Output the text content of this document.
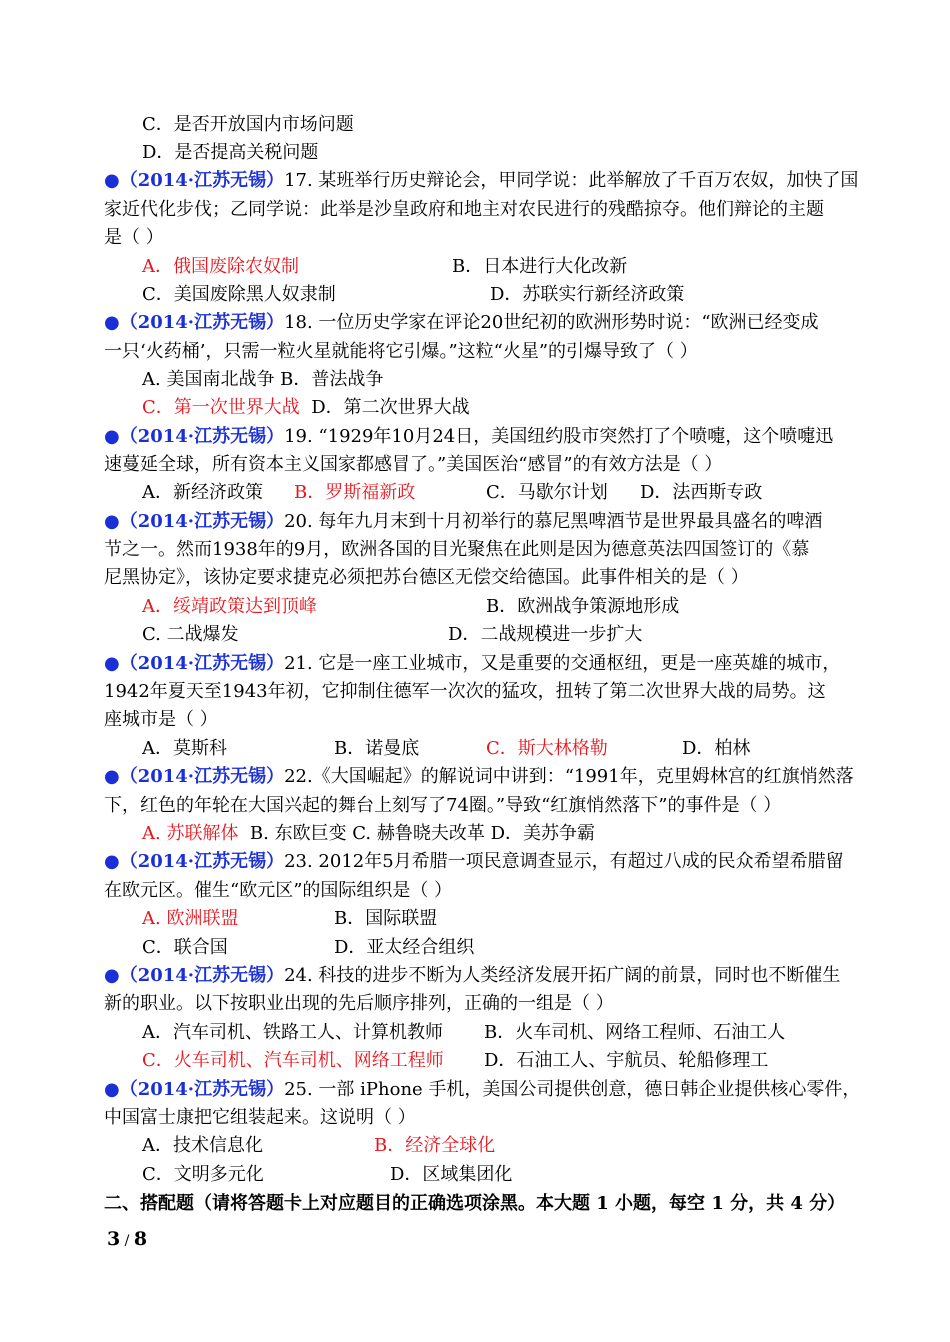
C．是否开放国内市场问题
D．是否提高关税问题
●（2014·江苏无锡）17. 某班举行历史辩论会，甲同学说：此举解放了千百万农奴，加快了国
家近代化步伐；乙同学说：此举是沙皇政府和地主对农民进行的残酷掠夺。他们辩论的主题
是（ ）
A．俄国废除农奴制	B．日本进行大化改新
C．美国废除黑人奴隶制	D．苏联实行新经济政策
●（2014·江苏无锡）18. 一位历史学家在评论20世纪初的欧洲形势时说：“欧洲已经变成
一只‘火药桶’，只需一粒火星就能将它引爆。”这粒“火星”的引爆导致了（ ）
A. 美国南北战争 B．普法战争
C．第一次世界大战 D．第二次世界大战
●（2014·江苏无锡）19. “1929年10月24日，美国纽约股市突然打了个喷嚏，这个喷嚏迅
速蔓延全球，所有资本主义国家都感冒了。”美国医治“感冒”的有效方法是（ ）
A．新经济政策 B．罗斯福新政	C．马歇尔计划 D．法西斯专政
●（2014·江苏无锡）20. 每年九月末到十月初举行的慕尼黑啤酒节是世界最具盛名的啤酒
节之一。然而1938年的9月，欧洲各国的目光聚焦在此则是因为德意英法四国签订的《慕
尼黑协定》，该协定要求捷克必须把苏台德区无偿交给德国。此事件相关的是（ ）
A．绥靖政策达到顶峰	B．欧洲战争策源地形成
C. 二战爆发	D．二战规模进一步扩大
●（2014·江苏无锡）21. 它是一座工业城市，又是重要的交通枢纽，更是一座英雄的城市，
1942年夏天至1943年初，它抑制住德军一次次的猛攻，扭转了第二次世界大战的局势。这
座城市是（ ）
A．莫斯科	B．诺曼底	C．斯大林格勒	D．柏林
●（2014·江苏无锡）22.《大国崛起》的解说词中讲到：“1991年，克里姆林宫的红旗悄然落
下，红色的年轮在大国兴起的舞台上刻写了74圈。”导致“红旗悄然落下”的事件是（ ）
A. 苏联解体 B. 东欧巨变 C. 赫鲁晓夫改革 D．美苏争霸
●（2014·江苏无锡）23. 2012年5月希腊一项民意调查显示，有超过八成的民众希望希腊留
在欧元区。催生“欧元区”的国际组织是（ ）
A. 欧洲联盟	B．国际联盟
C．联合国	D．亚太经合组织
●（2014·江苏无锡）24. 科技的进步不断为人类经济发展开拓广阔的前景，同时也不断催生
新的职业。以下按职业出现的先后顺序排列，正确的一组是（ ）
A．汽车司机、铁路工人、计算机教师 B．火车司机、网络工程师、石油工人
C．火车司机、汽车司机、网络工程师 D．石油工人、宇航员、轮船修理工
●（2014·江苏无锡）25. 一部 iPhone 手机，美国公司提供创意，德日韩企业提供核心零件，
中国富士康把它组装起来。这说明（ ）
A．技术信息化	B．经济全球化
C．文明多元化	D．区域集团化
二、搭配题（请将答题卡上对应题目的正确选项涂黑。本大题 1 小题，每空 1 分，共 4 分）
3 / 8
